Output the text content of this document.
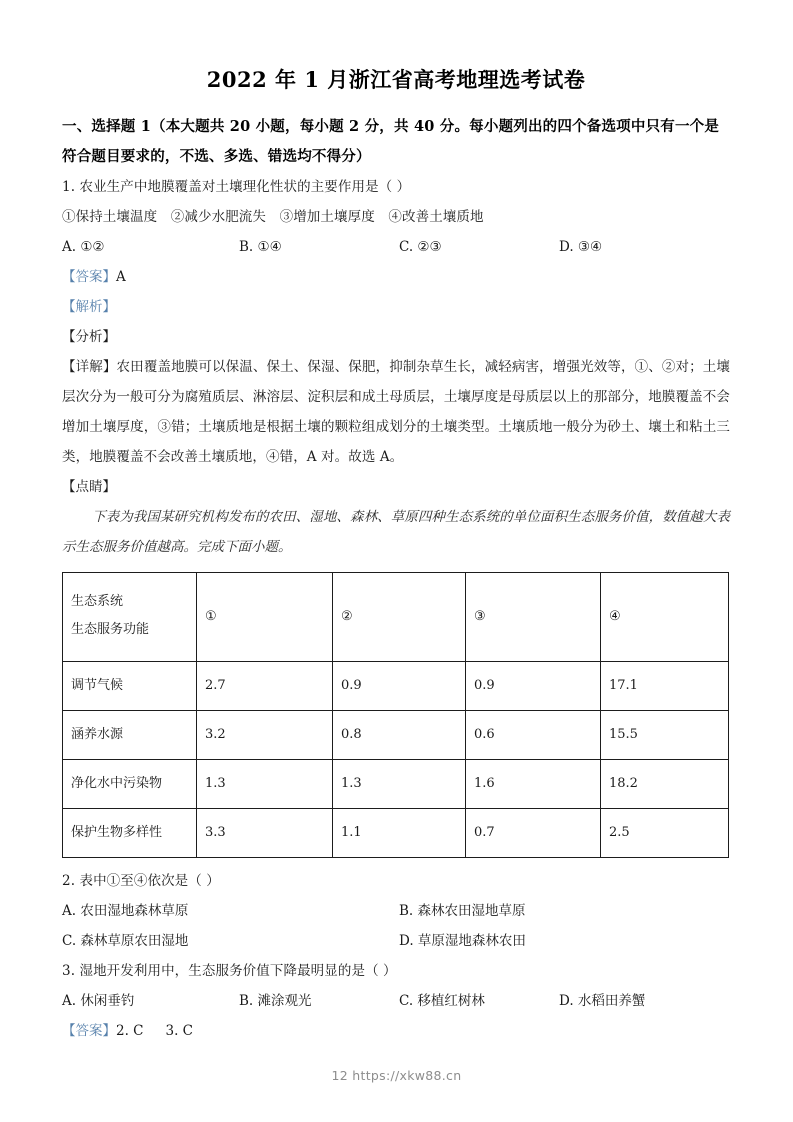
2022 年 1 月浙江省高考地理选考试卷
一、选择题 1（本大题共 20 小题，每小题 2 分，共 40 分。每小题列出的四个备选项中只有一个是符合题目要求的，不选、多选、错选均不得分）
1. 农业生产中地膜覆盖对土壤理化性状的主要作用是（ ）
①保持土壤温度　②减少水肥流失　③增加土壤厚度　④改善土壤质地
A. ①②	B. ①④	C. ②③	D. ③④
【答案】A
【解析】
【分析】
【详解】农田覆盖地膜可以保温、保土、保湿、保肥，抑制杂草生长，减轻病害，增强光效等，①、②对；土壤层次分为一般可分为腐殖质层、淋溶层、淀积层和成土母质层，土壤厚度是母质层以上的那部分，地膜覆盖不会增加土壤厚度，③错；土壤质地是根据土壤的颗粒组成划分的土壤类型。土壤质地一般分为砂土、壤土和粘土三类，地膜覆盖不会改善土壤质地，④错，A 对。故选 A。
【点睛】
下表为我国某研究机构发布的农田、湿地、森林、草原四种生态系统的单位面积生态服务价值，数值越大表示生态服务价值越高。完成下面小题。
生态系统
生态服务功能	①	②	③	④
调节气候	2.7	0.9	0.9	17.1
涵养水源	3.2	0.8	0.6	15.5
净化水中污染物	1.3	1.3	1.6	18.2
保护生物多样性	3.3	1.1	0.7	2.5
2. 表中①至④依次是（ ）
A. 农田湿地森林草原	B. 森林农田湿地草原
C. 森林草原农田湿地	D. 草原湿地森林农田
3. 湿地开发利用中，生态服务价值下降最明显的是（ ）
A. 休闲垂钓	B. 滩涂观光	C. 移植红树林	D. 水稻田养蟹
【答案】2. C 3. C
12 https://xkw88.cn
